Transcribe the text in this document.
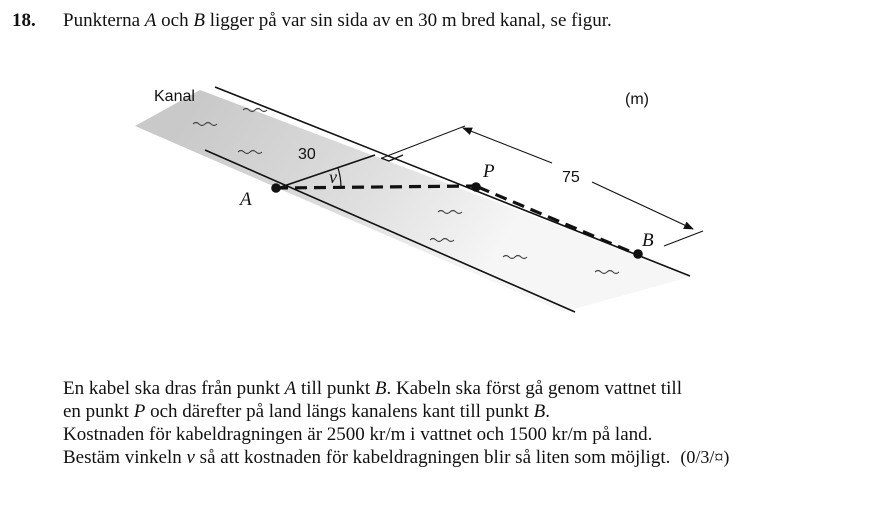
18. Punkterna A och B ligger på var sin sida av en 30 m bred kanal, se figur.
Kanal	(m)
30
75
v
A
P
B
En kabel ska dras från punkt A till punkt B. Kabeln ska först gå genom vattnet till
en punkt P och därefter på land längs kanalens kant till punkt B.
Kostnaden för kabeldragningen är 2500 kr/m i vattnet och 1500 kr/m på land.
Bestäm vinkeln v så att kostnaden för kabeldragningen blir så liten som möjligt. (0/3/¤)
